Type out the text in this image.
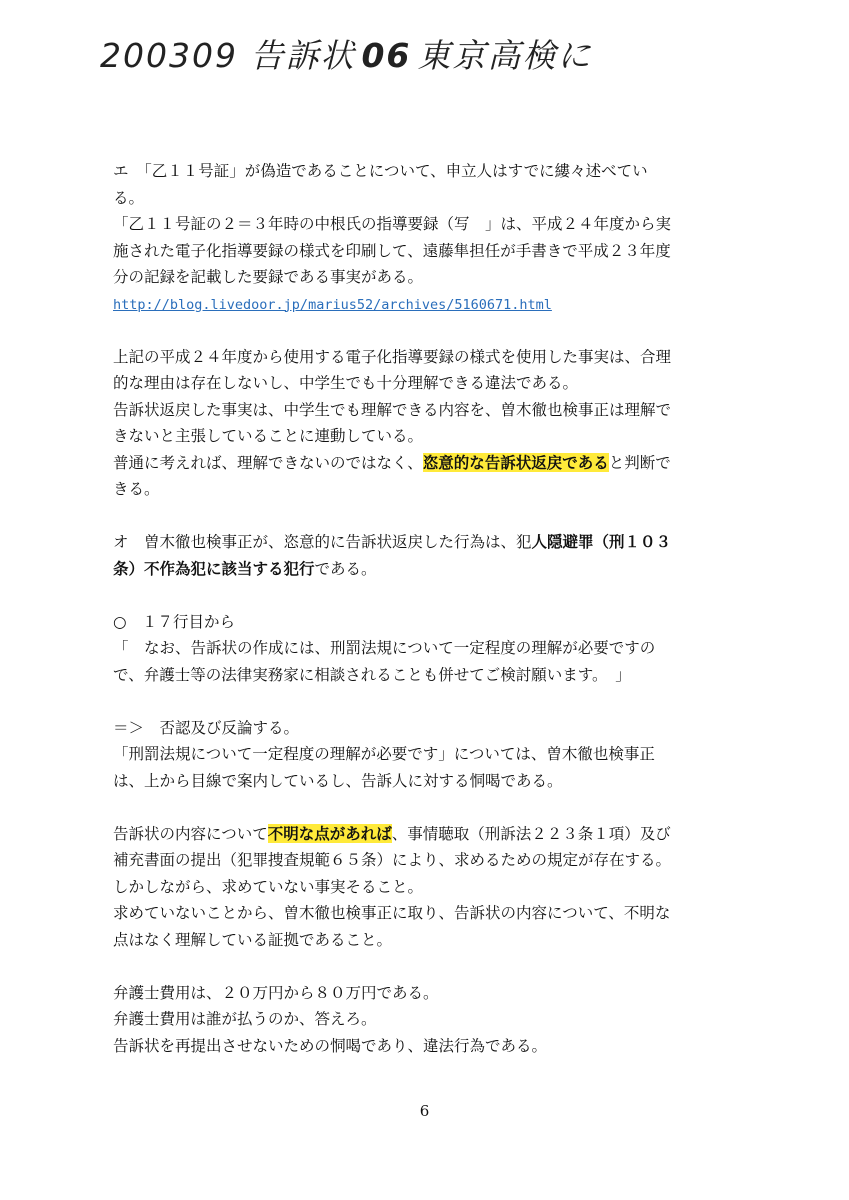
200309 告訴状 06 東京高検に
エ　「乙１１号証」が偽造であることについて、申立人はすでに縷々述べてい
る。
「乙１１号証の２＝３年時の中根氏の指導要録（写　」は、平成２４年度から実
施された電子化指導要録の様式を印刷して、遠藤隼担任が手書きで平成２３年度
分の記録を記載した要録である事実がある。
http://blog.livedoor.jp/marius52/archives/5160671.html
上記の平成２４年度から使用する電子化指導要録の様式を使用した事実は、合理
的な理由は存在しないし、中学生でも十分理解できる違法である。
告訴状返戻した事実は、中学生でも理解できる内容を、曽木徹也検事正は理解で
きないと主張していることに連動している。
普通に考えれば、理解できないのではなく、恣意的な告訴状返戻であると判断で
きる。
オ　曽木徹也検事正が、恣意的に告訴状返戻した行為は、犯人隠避罪（刑１０３
条）不作為犯に該当する犯行である。
○　１７行目から
「　なお、告訴状の作成には、刑罰法規について一定程度の理解が必要ですの
で、弁護士等の法律実務家に相談されることも併せてご検討願います。　」
＝＞　否認及び反論する。
「刑罰法規について一定程度の理解が必要です」については、曽木徹也検事正
は、上から目線で案内しているし、告訴人に対する恫喝である。
告訴状の内容について不明な点があれば、事情聴取（刑訴法２２３条１項）及び
補充書面の提出（犯罪捜査規範６５条）により、求めるための規定が存在する。
しかしながら、求めていない事実そること。
求めていないことから、曽木徹也検事正に取り、告訴状の内容について、不明な
点はなく理解している証拠であること。
弁護士費用は、２０万円から８０万円である。
弁護士費用は誰が払うのか、答えろ。
告訴状を再提出させないための恫喝であり、違法行為である。
6
